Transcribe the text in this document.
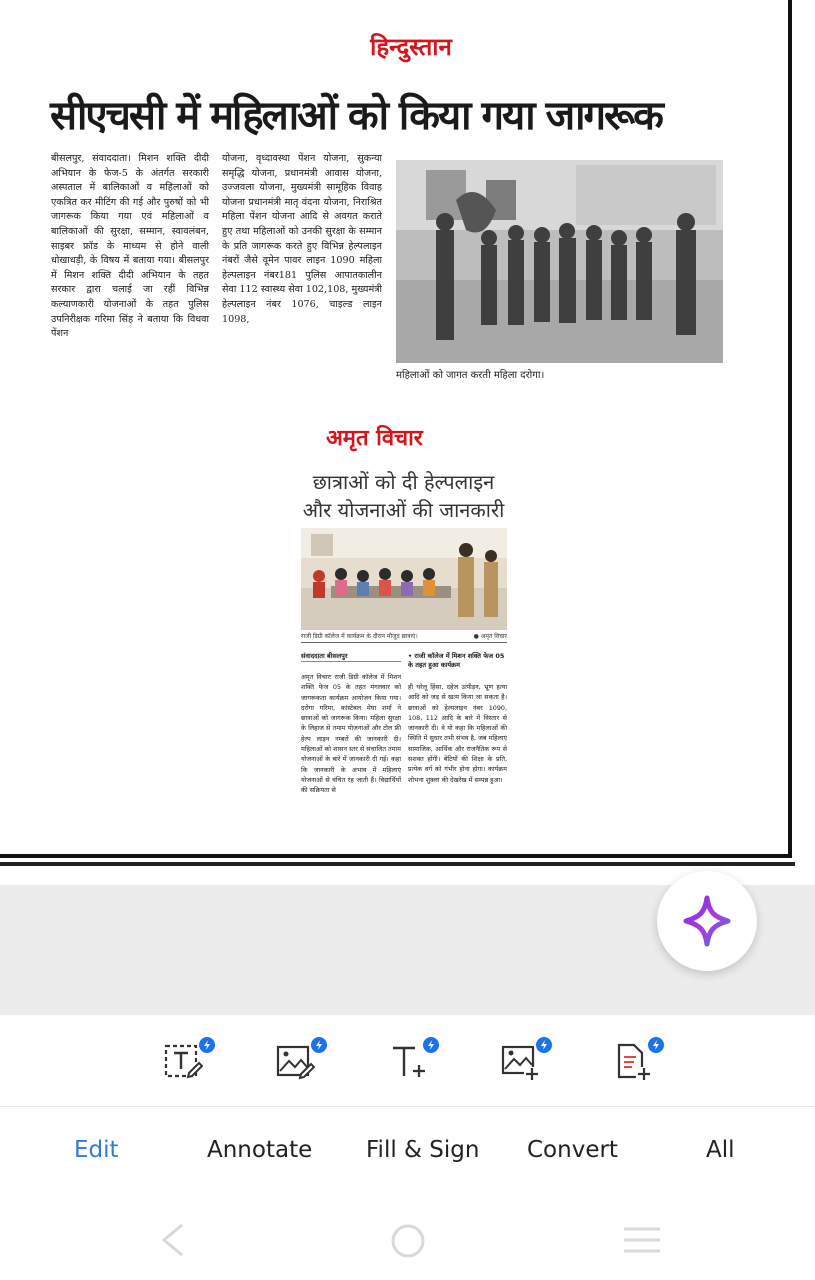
हिन्दुस्तान
सीएचसी में महिलाओं को किया गया जागरूक
बीसलपुर, संवाददाता। मिशन शक्ति दीदी अभियान के फेज-5 के अंतर्गत सरकारी अस्पताल में बालिकाओं व महिलाओं को एकत्रित कर मीटिंग की गई और पुरुषों को भी जागरूक किया गया एवं महिलाओं व बालिकाओं की सुरक्षा, सम्मान, स्वावलंबन, साइबर फ्रॉड के माध्यम से होने वाली धोखाधड़ी, के विषय में बताया गया। बीसलपुर में मिशन शक्ति दीदी अभियान के तहत सरकार द्वारा चलाई जा रहीं विभिन्न कल्याणकारी योजनाओं के तहत पुलिस उपनिरीक्षक गरिमा सिंह ने बताया कि विधवा पेंशन
योजना, वृध्दावस्था पेंशन योजना, सुकन्या समृद्धि योजना, प्रधानमंत्री आवास योजना, उज्जवला योजना, मुख्यमंत्री सामूहिक विवाह योजना प्रधानमंत्री मातृ वंदना योजना, निराश्रित महिला पेंशन योजना आदि से अवगत कराते हुए तथा महिलाओं को उनकी सुरक्षा के सम्मान के प्रति जागरूक करते हुए विभिन्न हेल्पलाइन नंबरों जैसे वूमेन पावर लाइन 1090 महिला हेल्पलाइन नंबर181 पुलिस आपातकालीन सेवा 112 स्वास्थ्य सेवा 102,108, मुख्यमंत्री हेल्पलाइन नंबर 1076, चाइल्ड लाइन 1098,
महिलाओं को जागत करती महिला दरोगा।
अमृत विचार
छात्राओं को दी हेल्पलाइन
और योजनाओं की जानकारी
राजी डिग्री कॉलेज में कार्यक्रम के दौरान मौजूद छात्राएं।	● अमृत विचार
संवाददाता बीसलपुर	• राजी कॉलेज में मिशन शक्ति फेज 05 के तहत हुआ कार्यक्रम
अमृत विचारः राजी डिग्री कॉलेज में मिशन शक्ति फेज 05 के तहत मंगलवार को जागरूकता कार्यक्रम आयोजन किया गया। दरोगा गरिमा, कांस्टेबल मेघा शर्मा ने छात्राओं को जागरूक किया। महिला सुरक्षा के लिहाज से तमाम योजनाओं और टोल फ्री हेल्प लाइन नम्बरों की जानकारी दी। महिलाओं को शासन स्तर से संचालित तमाम योजनाओं के बारे में जानकारी दी गई। कहा कि जानकारी के अभाव में महिलाएं योजनाओं से वंचित रह जाती हैं। विद्यार्थियों की सक्रियता से
ही घरेलू हिंसा, दहेज उत्पीड़न, भ्रूण हत्या आदि को जड़ से खत्म किया जा सकता है। छात्राओं को हेल्पलाइन नंबर 1090, 108, 112 आदि के बारे में विस्तार से जानकारी दी। वे यो कहा कि महिलाओं की स्थिति में सुधार तभी संभव है, जब महिलाएं सामाजिक, आर्थिक और राजनैतिक रूप से सशक्त होंगी। बेटियों की शिक्षा के प्रति, प्रत्येक वर्ग को गंभीर होना होगा। कार्यक्रम शोभना शुक्ला की देखरेख में सम्पन्न हुआ।
Edit	Annotate Fill & Sign Convert	All
